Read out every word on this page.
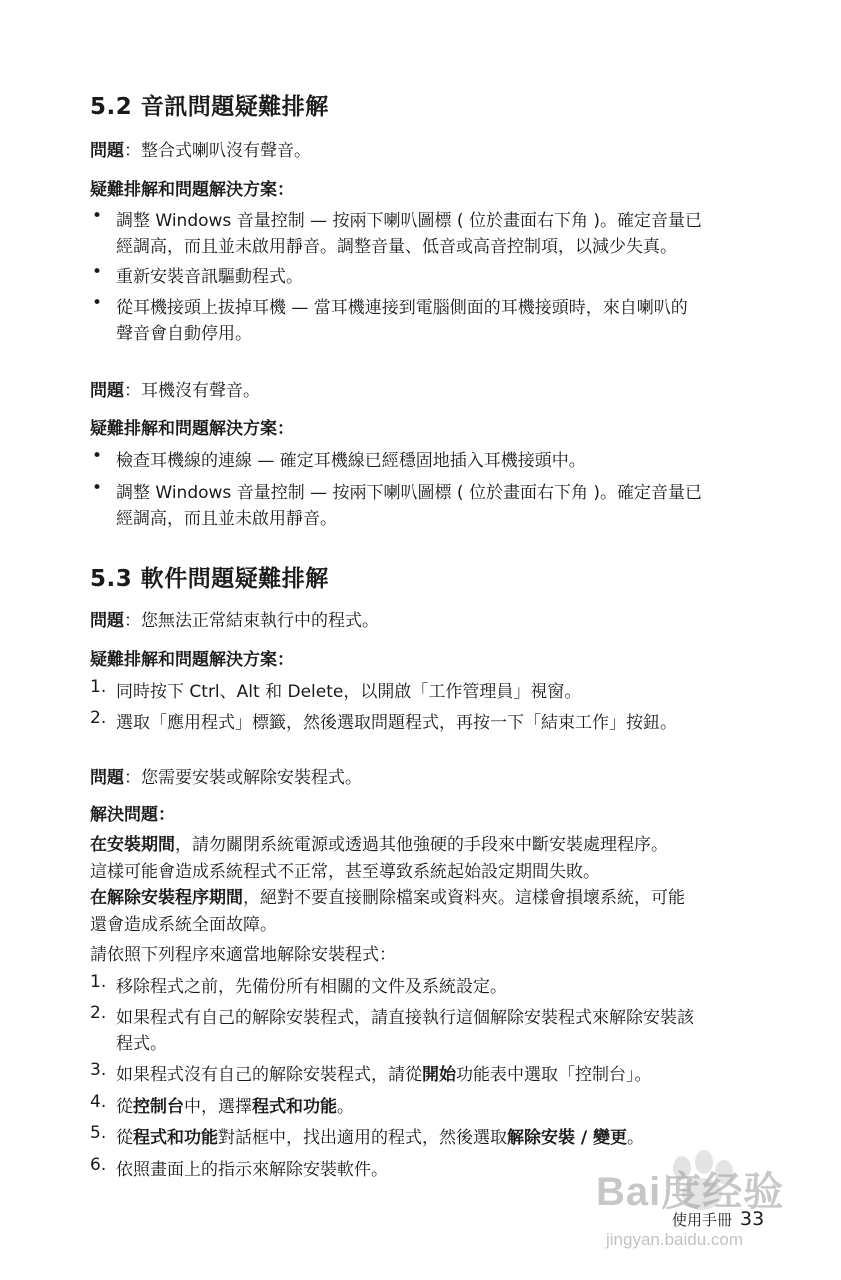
5.2 音訊問題疑難排解
問題：整合式喇叭沒有聲音。
疑難排解和問題解決方案：
• 調整 Windows 音量控制 — 按兩下喇叭圖標 ( 位於畫面右下角 )。確定音量已
經調高，而且並未啟用靜音。調整音量、低音或高音控制項，以減少失真。
• 重新安裝音訊驅動程式。
• 從耳機接頭上拔掉耳機 — 當耳機連接到電腦側面的耳機接頭時，來自喇叭的
聲音會自動停用。
問題：耳機沒有聲音。
疑難排解和問題解決方案：
• 檢查耳機線的連線 — 確定耳機線已經穩固地插入耳機接頭中。
• 調整 Windows 音量控制 — 按兩下喇叭圖標 ( 位於畫面右下角 )。確定音量已
經調高，而且並未啟用靜音。
5.3 軟件問題疑難排解
問題：您無法正常結束執行中的程式。
疑難排解和問題解決方案：
1. 同時按下 Ctrl、Alt 和 Delete，以開啟「工作管理員」視窗。
2. 選取「應用程式」標籤，然後選取問題程式，再按一下「結束工作」按鈕。
問題：您需要安裝或解除安裝程式。
解決問題：
在安裝期間，請勿關閉系統電源或透過其他強硬的手段來中斷安裝處理程序。
這樣可能會造成系統程式不正常，甚至導致系統起始設定期間失敗。
在解除安裝程序期間，絕對不要直接刪除檔案或資料夾。這樣會損壞系統，可能
還會造成系統全面故障。
請依照下列程序來適當地解除安裝程式：
1. 移除程式之前，先備份所有相關的文件及系統設定。
2. 如果程式有自己的解除安裝程式，請直接執行這個解除安裝程式來解除安裝該
程式。
3. 如果程式沒有自己的解除安裝程式，請從開始功能表中選取「控制台」。
4. 從控制台中，選擇程式和功能。
5. 從程式和功能對話框中，找出適用的程式，然後選取解除安裝 / 變更。
6. 依照畫面上的指示來解除安裝軟件。	Bai度经验
jingyan.baidu.com
使用手冊 33
